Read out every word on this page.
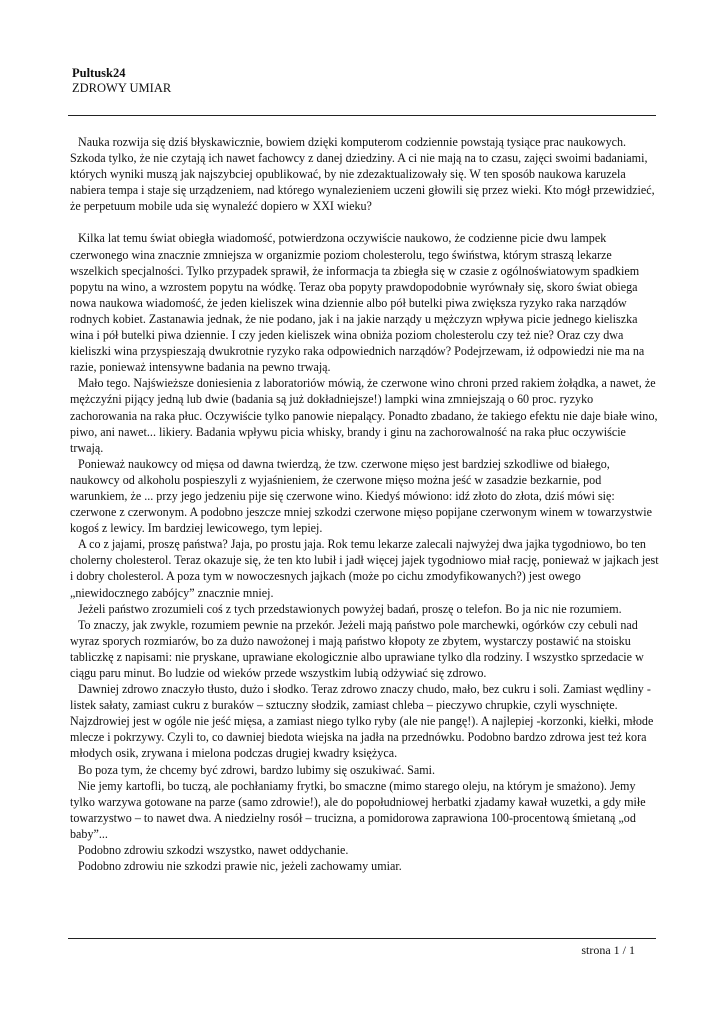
Pultusk24

ZDROWY UMIAR

Nauka rozwija się dziś błyskawicznie, bowiem dzięki komputerom codziennie powstają tysiące prac naukowych. Szkoda tylko, że nie czytają ich nawet fachowcy z danej dziedziny. A ci nie mają na to czasu, zajęci swoimi badaniami, których wyniki muszą jak najszybciej opublikować, by nie zdezaktualizowały się. W ten sposób naukowa karuzela nabiera tempa i staje się urządzeniem, nad którego wynalezieniem uczeni głowili się przez wieki. Kto mógł przewidzieć, że perpetuum mobile uda się wynaleźć dopiero w XXI wieku?

Kilka lat temu świat obiegła wiadomość, potwierdzona oczywiście naukowo, że codzienne picie dwu lampek czerwonego wina znacznie zmniejsza w organizmie poziom cholesterolu, tego świństwa, którym straszą lekarze wszelkich specjalności. Tylko przypadek sprawił, że informacja ta zbiegła się w czasie z ogólnoświatowym spadkiem popytu na wino, a wzrostem popytu na wódkę. Teraz oba popyty prawdopodobnie wyrównały się, skoro świat obiega nowa naukowa wiadomość, że jeden kieliszek wina dziennie albo pół butelki piwa zwiększa ryzyko raka narządów rodnych kobiet. Zastanawia jednak, że nie podano, jak i na jakie narządy u mężczyzn wpływa picie jednego kieliszka wina i pół butelki piwa dziennie. I czy jeden kieliszek wina obniża poziom cholesterolu czy też nie? Oraz czy dwa kieliszki wina przyspieszają dwukrotnie ryzyko raka odpowiednich narządów? Podejrzewam, iż odpowiedzi nie ma na razie, ponieważ intensywne badania na pewno trwają.

Mało tego. Najświeższe doniesienia z laboratoriów mówią, że czerwone wino chroni przed rakiem żołądka, a nawet, że mężczyźni pijący jedną lub dwie (badania są już dokładniejsze!) lampki wina zmniejszają o 60 proc. ryzyko zachorowania na raka płuc. Oczywiście tylko panowie niepalący. Ponadto zbadano, że takiego efektu nie daje białe wino, piwo, ani nawet... likiery. Badania wpływu picia whisky, brandy i ginu na zachorowalność na raka płuc oczywiście trwają.

Ponieważ naukowcy od mięsa od dawna twierdzą, że tzw. czerwone mięso jest bardziej szkodliwe od białego, naukowcy od alkoholu pospieszyli z wyjaśnieniem, że czerwone mięso można jeść w zasadzie bezkarnie, pod warunkiem, że ... przy jego jedzeniu pije się czerwone wino. Kiedyś mówiono: idź złoto do złota, dziś mówi się: czerwone z czerwonym. A podobno jeszcze mniej szkodzi czerwone mięso popijane czerwonym winem w towarzystwie kogoś z lewicy. Im bardziej lewicowego, tym lepiej.

A co z jajami, proszę państwa? Jaja, po prostu jaja. Rok temu lekarze zalecali najwyżej dwa jajka tygodniowo, bo ten cholerny cholesterol. Teraz okazuje się, że ten kto lubił i jadł więcej jajek tygodniowo miał rację, ponieważ w jajkach jest i dobry cholesterol. A poza tym w nowoczesnych jajkach (może po cichu zmodyfikowanych?) jest owego „niewidocznego zabójcy” znacznie mniej.

Jeżeli państwo zrozumieli coś z tych przedstawionych powyżej badań, proszę o telefon. Bo ja nic nie rozumiem.

To znaczy, jak zwykle, rozumiem pewnie na przekór. Jeżeli mają państwo pole marchewki, ogórków czy cebuli nad wyraz sporych rozmiarów, bo za dużo nawożonej i mają państwo kłopoty ze zbytem, wystarczy postawić na stoisku tabliczkę z napisami: nie pryskane, uprawiane ekologicznie albo uprawiane tylko dla rodziny. I wszystko sprzedacie w ciągu paru minut. Bo ludzie od wieków przede wszystkim lubią odżywiać się zdrowo.

Dawniej zdrowo znaczyło tłusto, dużo i słodko. Teraz zdrowo znaczy chudo, mało, bez cukru i soli. Zamiast wędliny - listek sałaty, zamiast cukru z buraków – sztuczny słodzik, zamiast chleba – pieczywo chrupkie, czyli wyschnięte. Najzdrowiej jest w ogóle nie jeść mięsa, a zamiast niego tylko ryby (ale nie pangę!). A najlepiej -korzonki, kiełki, młode mlecze i pokrzywy. Czyli to, co dawniej biedota wiejska na jadła na przednówku. Podobno bardzo zdrowa jest też kora młodych osik, zrywana i mielona podczas drugiej kwadry księżyca.

Bo poza tym, że chcemy być zdrowi, bardzo lubimy się oszukiwać. Sami.

Nie jemy kartofli, bo tuczą, ale pochłaniamy frytki, bo smaczne (mimo starego oleju, na którym je smażono). Jemy tylko warzywa gotowane na parze (samo zdrowie!), ale do popołudniowej herbatki zjadamy kawał wuzetki, a gdy miłe towarzystwo – to nawet dwa. A niedzielny rosół – trucizna, a pomidorowa zaprawiona 100-procentową śmietaną „od baby”...

Podobno zdrowiu szkodzi wszystko, nawet oddychanie.

Podobno zdrowiu nie szkodzi prawie nic, jeżeli zachowamy umiar.

strona 1 / 1
